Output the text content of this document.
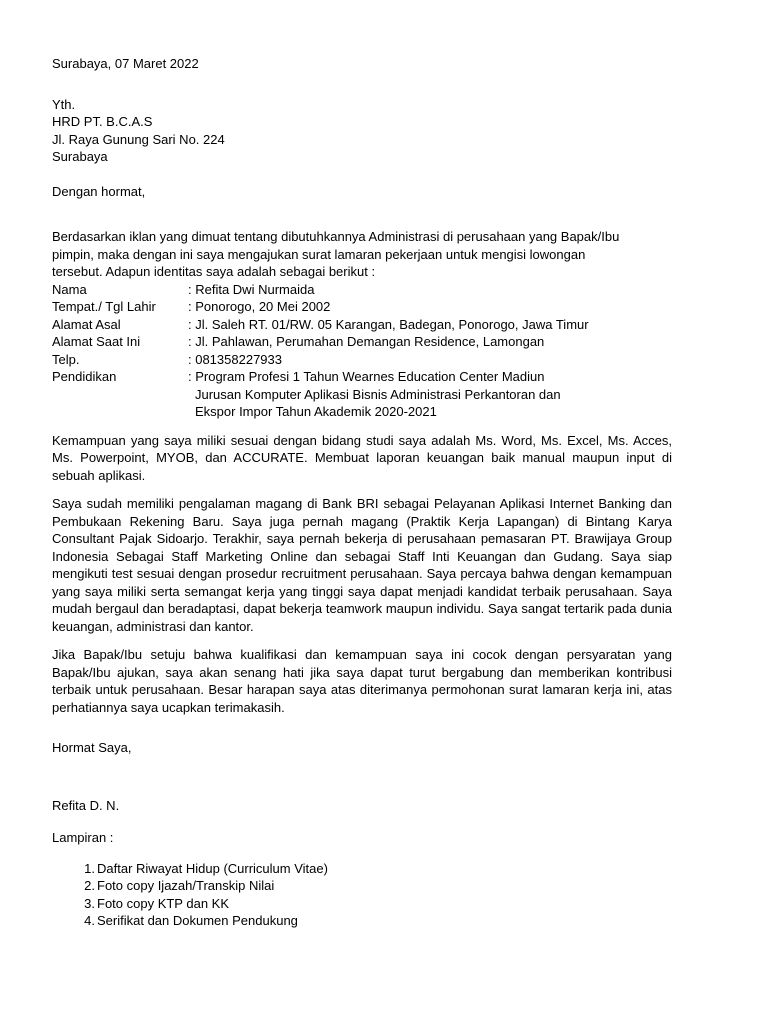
Surabaya, 07 Maret 2022
Yth.
HRD PT. B.C.A.S
Jl. Raya Gunung Sari No. 224
Surabaya
Dengan hormat,
Berdasarkan iklan yang dimuat tentang dibutuhkannya Administrasi di perusahaan yang Bapak/Ibu
pimpin, maka dengan ini saya mengajukan surat lamaran pekerjaan untuk mengisi lowongan
tersebut. Adapun identitas saya adalah sebagai berikut :
Nama	: Refita Dwi Nurmaida
Tempat./ Tgl Lahir	: Ponorogo, 20 Mei 2002
Alamat Asal	: Jl. Saleh RT. 01/RW. 05 Karangan, Badegan, Ponorogo, Jawa Timur
Alamat Saat Ini	: Jl. Pahlawan, Perumahan Demangan Residence, Lamongan
Telp.	: 081358227933
Pendidikan	: Program Profesi 1 Tahun Wearnes Education Center Madiun
Jurusan Komputer Aplikasi Bisnis Administrasi Perkantoran dan
Ekspor Impor Tahun Akademik 2020-2021

Kemampuan yang saya miliki sesuai dengan bidang studi saya adalah Ms. Word, Ms. Excel, Ms. Acces, Ms. Powerpoint, MYOB, dan ACCURATE. Membuat laporan keuangan baik manual maupun input di sebuah aplikasi.

Saya sudah memiliki pengalaman magang di Bank BRI sebagai Pelayanan Aplikasi Internet Banking dan Pembukaan Rekening Baru. Saya juga pernah magang (Praktik Kerja Lapangan) di Bintang Karya Consultant Pajak Sidoarjo. Terakhir, saya pernah bekerja di perusahaan pemasaran PT. Brawijaya Group Indonesia Sebagai Staff Marketing Online dan sebagai Staff Inti Keuangan dan Gudang. Saya siap mengikuti test sesuai dengan prosedur recruitment perusahaan. Saya percaya bahwa dengan kemampuan yang saya miliki serta semangat kerja yang tinggi saya dapat menjadi kandidat terbaik perusahaan. Saya mudah bergaul dan beradaptasi, dapat bekerja teamwork maupun individu. Saya sangat tertarik pada dunia keuangan, administrasi dan kantor.

Jika Bapak/Ibu setuju bahwa kualifikasi dan kemampuan saya ini cocok dengan persyaratan yang Bapak/Ibu ajukan, saya akan senang hati jika saya dapat turut bergabung dan memberikan kontribusi terbaik untuk perusahaan. Besar harapan saya atas diterimanya permohonan surat lamaran kerja ini, atas perhatiannya saya ucapkan terimakasih.

Hormat Saya,
Refita D. N.
Lampiran :
1. Daftar Riwayat Hidup (Curriculum Vitae)
2. Foto copy Ijazah/Transkip Nilai
3. Foto copy KTP dan KK
4. Serifikat dan Dokumen Pendukung
